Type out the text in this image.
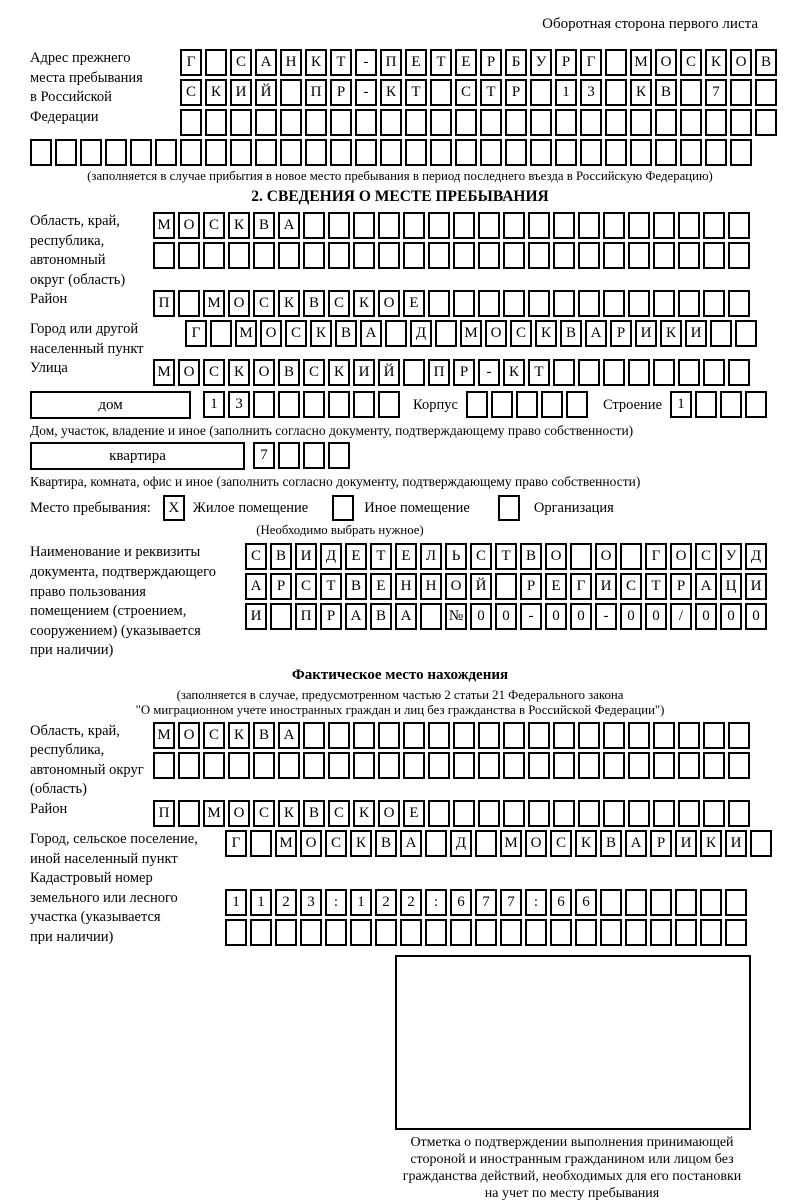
Оборотная сторона первого листа
Адрес прежнего
места пребывания
в Российской
Федерации
Г	С А Н К	Т	-	П Е	Т	Е	Р	Б	У	Р	Г	М О С К О В
С К И Й	П	Р	-	К	Т	С	Т	Р	1	3	К В	7
(заполняется в случае прибытия в новое место пребывания в период последнего въезда в Российскую Федерацию)
2. СВЕДЕНИЯ О МЕСТЕ ПРЕБЫВАНИЯ
Область, край,
республика,
автономный
округ (область)
М О С К В А
Район	П	М О С К В С К О Е
Город или другой
населенный пункт
Г	М О С К В А	Д	М О С К В А	Р	И К И
Улица	М О С К О В С К И Й	П	Р	-	К	Т
дом	1	3	Корпус	Строение	1
Дом, участок, владение и иное (заполнить согласно документу, подтверждающему право собственности)
квартира	7
Квартира, комната, офис и иное (заполнить согласно документу, подтверждающему право собственности)
Место пребывания:	X Жилое помещение	Иное помещение	Организация
(Необходимо выбрать нужное)
Наименование и реквизиты
документа, подтверждающего
право пользования
помещением (строением,
сооружением) (указывается
при наличии)
С В И Д	Е	Т	Е	Л	Ь	С	Т	В О	О	Г	О С У Д
А	Р	С	Т	В	Е	Н Н О Й	Р	Е	Г	И С	Т	Р	А Ц И
И	П	Р	А В А	№ 0	0	-	0	0	-	0	0	/	0	0	0
Фактическое место нахождения
(заполняется в случае, предусмотренном частью 2 статьи 21 Федерального закона
"О миграционном учете иностранных граждан и лиц без гражданства в Российской Федерации")
Область, край,
республика,
автономный округ
(область)
М О С К В А
Район	П	М О С К В С К О Е
Город, сельское поселение,
иной населенный пункт
Г	М О С К В А	Д	М О С К В А	Р	И К И
Кадастровый номер
земельного или лесного
участка (указывается
при наличии)
1	1	2	3	:	1	2	2	:	6	7	7	:	6	6
Отметка о подтверждении выполнения принимающей
стороной и иностранным гражданином или лицом без
гражданства действий, необходимых для его постановки
на учет по месту пребывания
